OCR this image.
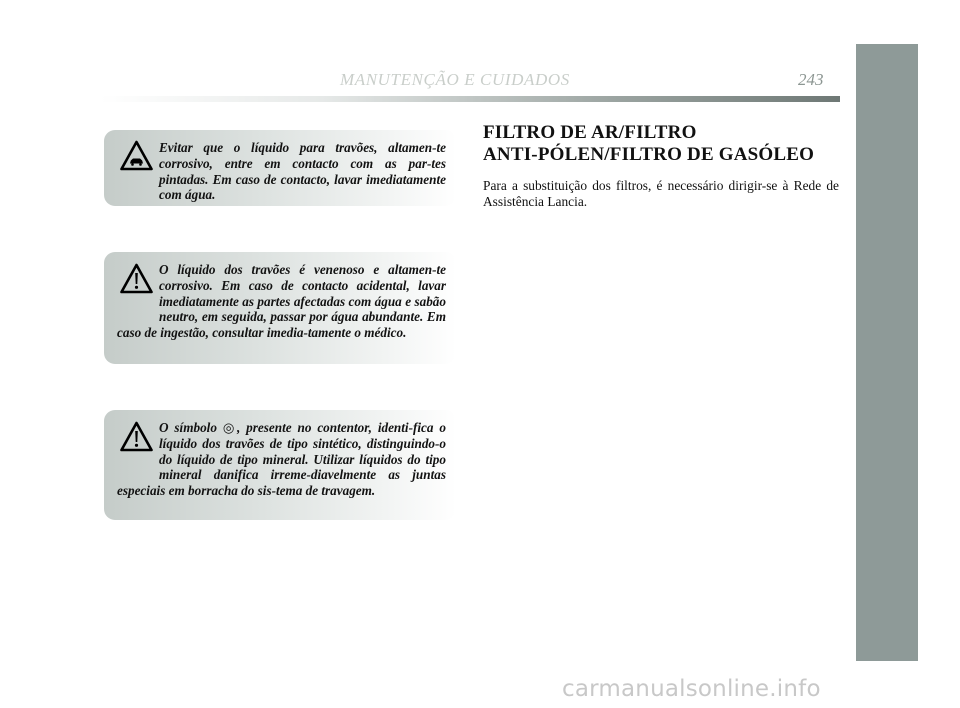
MANUTENÇÃO E CUIDADOS	243

Evitar que o líquido para travões, altamen-te corrosivo, entre em contacto com as par-tes pintadas. Em caso de contacto, lavar imediatamente com água.

O líquido dos travões é venenoso e altamen-te corrosivo. Em caso de contacto acidental, lavar imediatamente as partes afectadas com água e sabão neutro, em seguida, passar por água abundante. Em caso de ingestão, consultar imedia-tamente o médico.

O símbolo ◎, presente no contentor, identi-fica o líquido dos travões de tipo sintético, distinguindo-o do líquido de tipo mineral. Utilizar líquidos do tipo mineral danifica irreme-diavelmente as juntas especiais em borracha do sis-tema de travagem.

FILTRO DE AR/FILTRO
ANTI-PÓLEN/FILTRO DE GASÓLEO

Para a substituição dos filtros, é necessário dirigir-se à Rede de Assistência Lancia.

carmanualsonline.info
